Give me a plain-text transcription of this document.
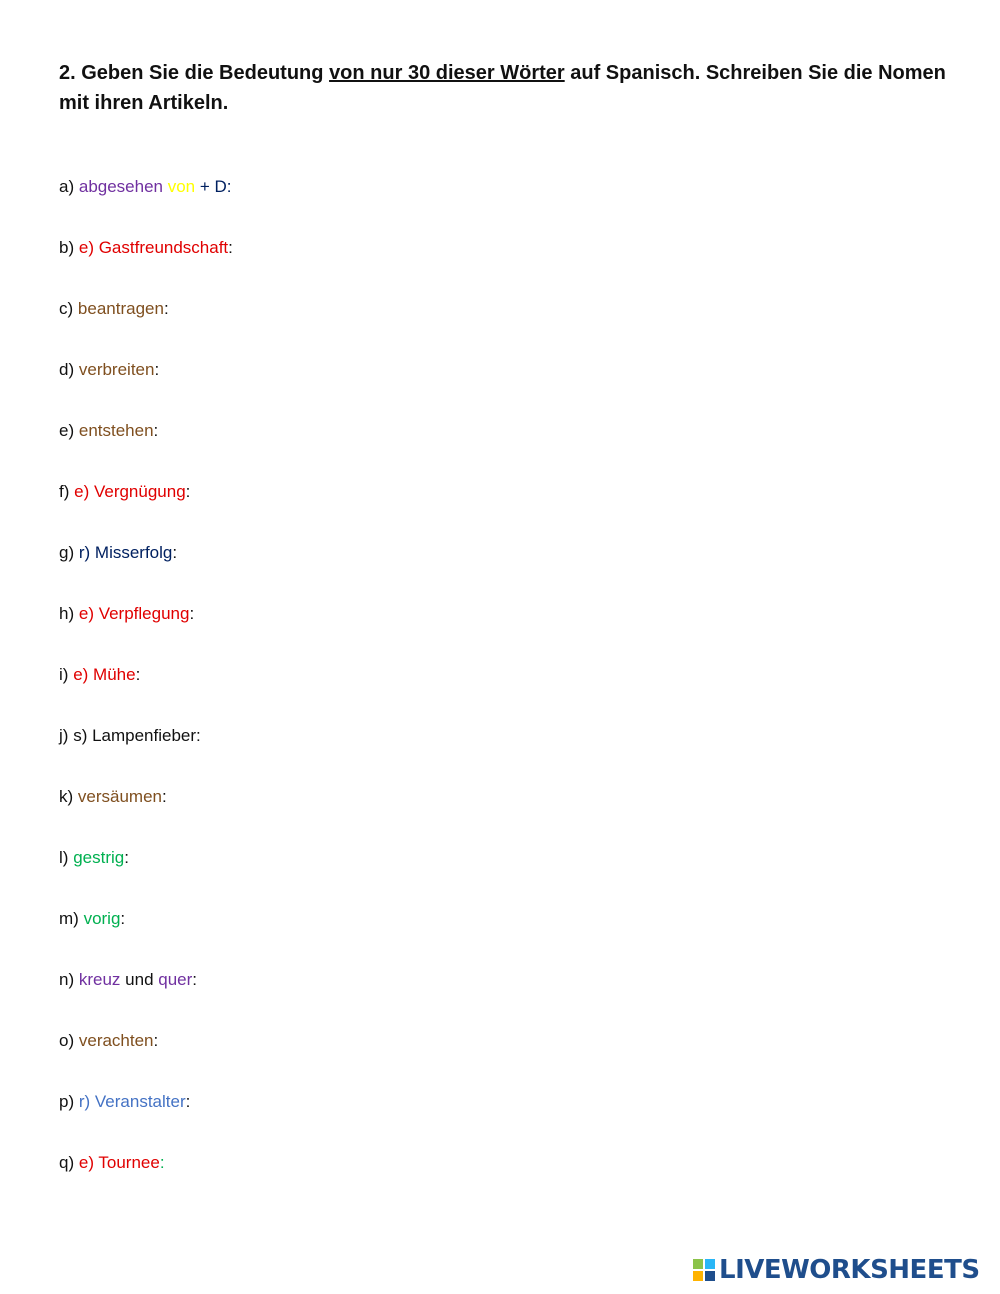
2. Geben Sie die Bedeutung von nur 30 dieser Wörter auf Spanisch. Schreiben Sie die Nomen mit ihren Artikeln.
a) abgesehen von + D:
b) e) Gastfreundschaft:
c) beantragen:
d) verbreiten:
e) entstehen:
f) e) Vergnügung:
g) r) Misserfolg:
h) e) Verpflegung:
i) e) Mühe:
j) s) Lampenfieber:
k) versäumen:
l) gestrig:
m) vorig:
n) kreuz und quer:
o) verachten:
p) r) Veranstalter:
q) e) Tournee:
LIVEWORKSHEETS
